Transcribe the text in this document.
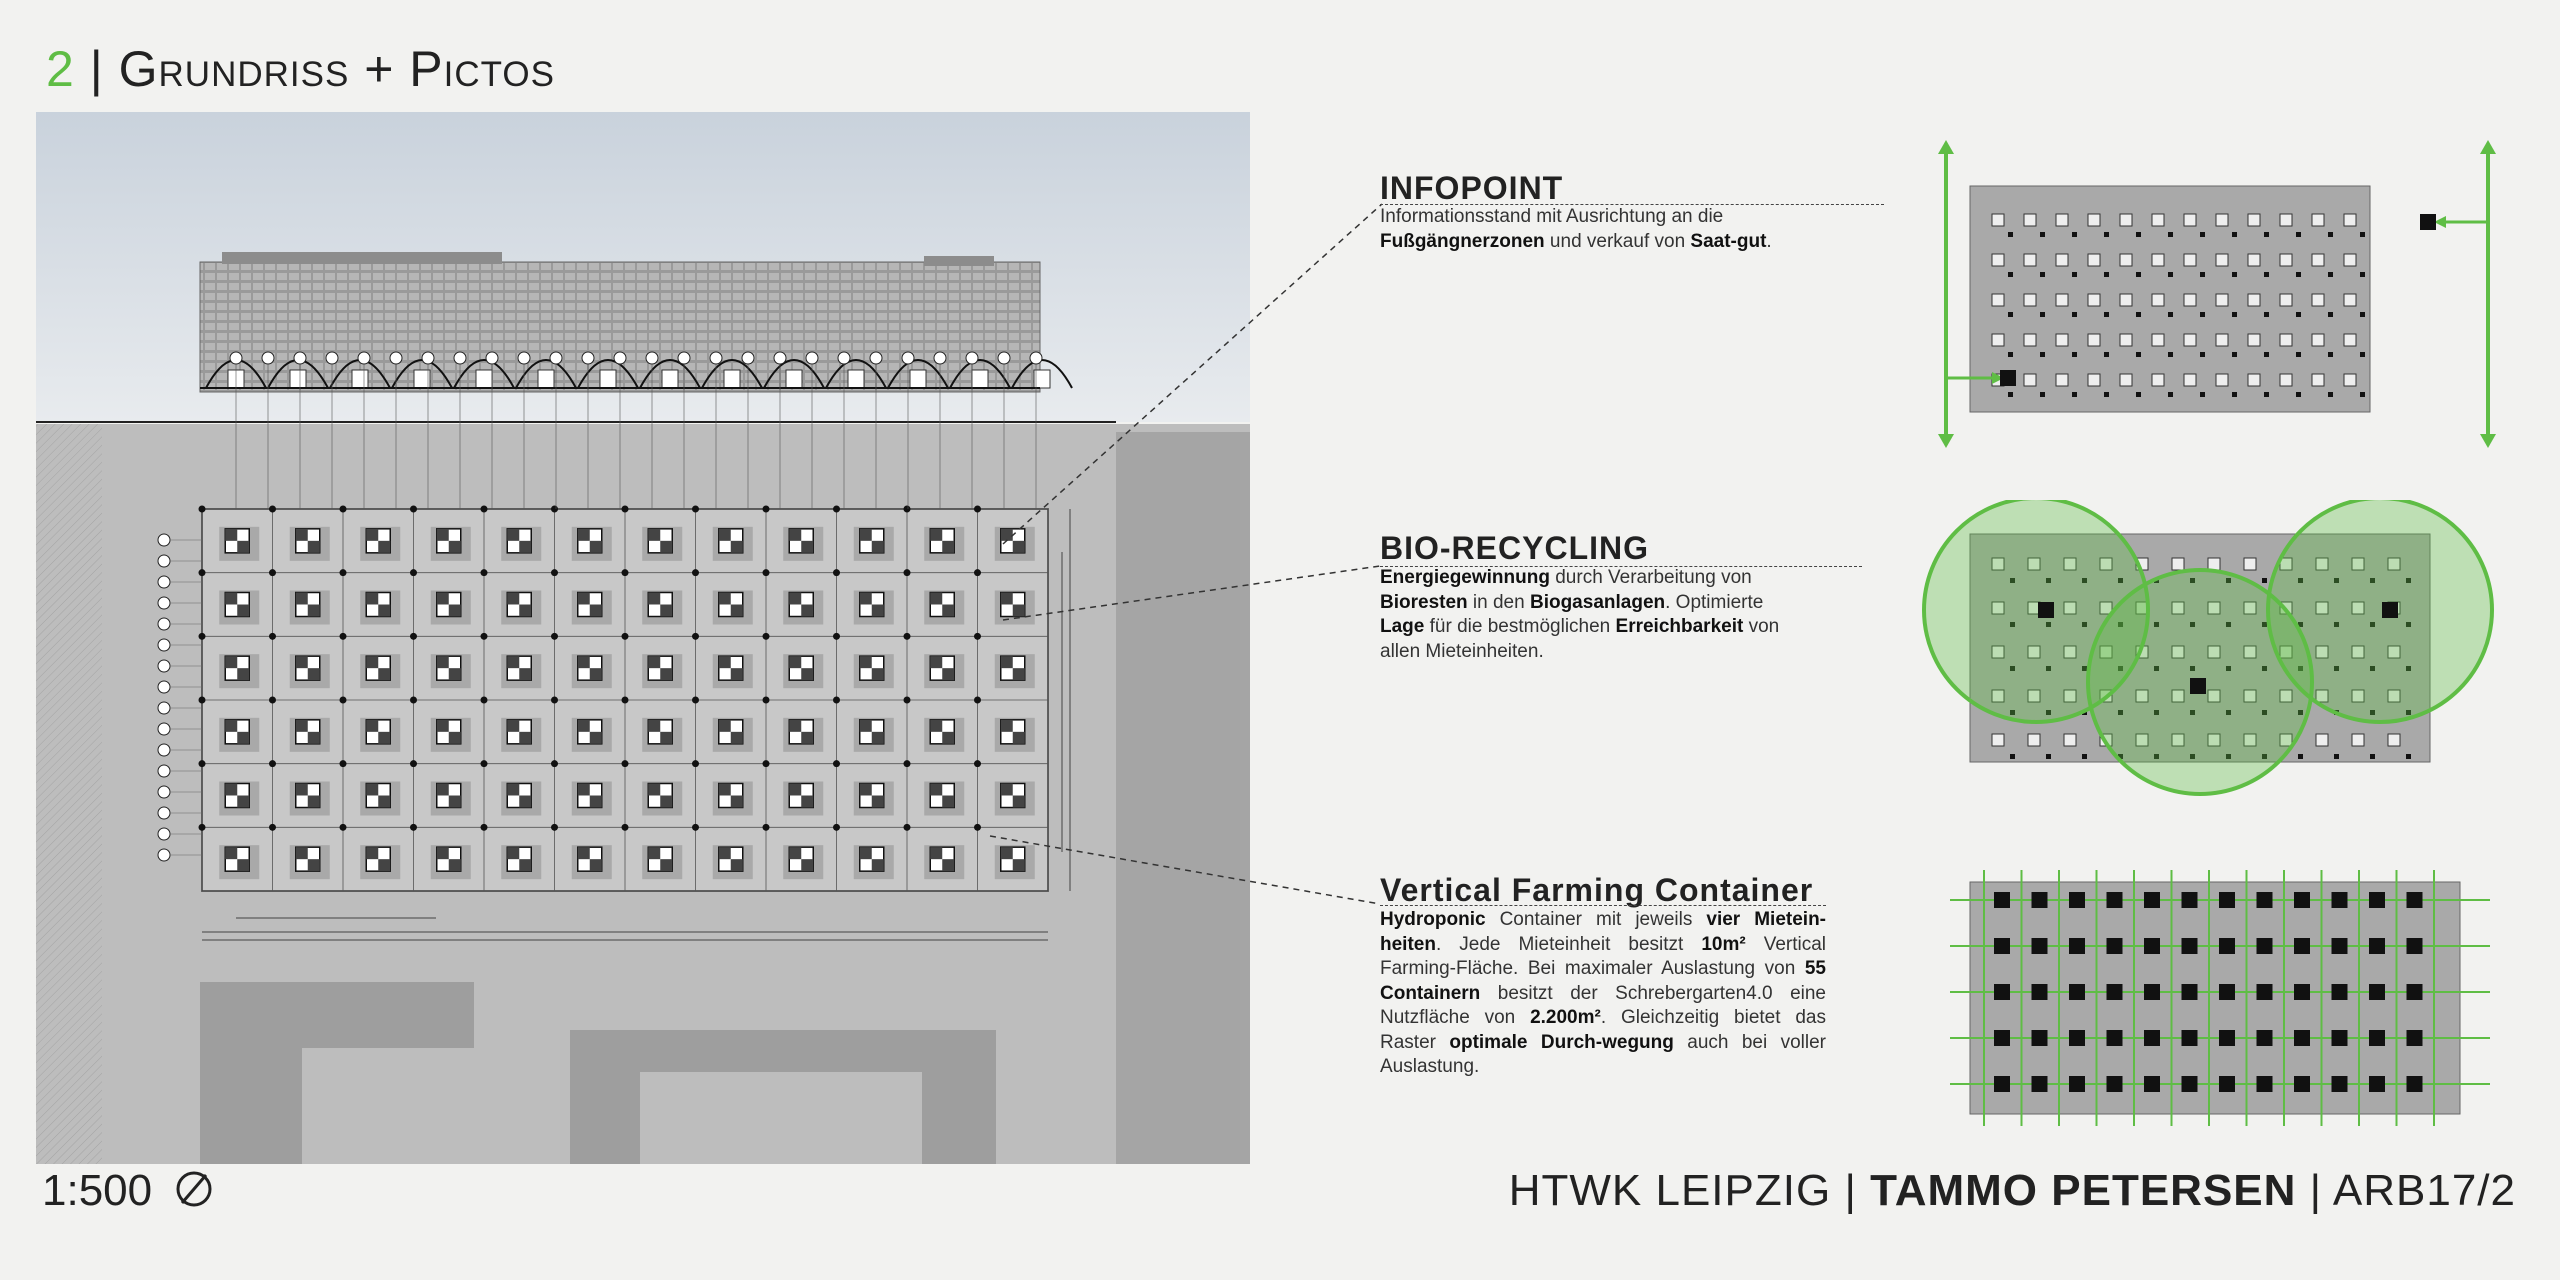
2 | Grundriss + Pictos
INFOPOINT
Informationsstand mit Ausrichtung an die Fußgängnerzonen und verkauf von Saat-gut.
BIO-RECYCLING
Energiegewinnung durch Verarbeitung von Bioresten in den Biogasanlagen. Optimierte Lage für die bestmöglichen Erreichbarkeit von allen Mieteinheiten.
Vertical Farming Container
Hydroponic Container mit jeweils vier Mietein-heiten. Jede Mieteinheit besitzt 10m² Vertical Farming-Fläche. Bei maximaler Auslastung von 55 Containern besitzt der Schrebergarten4.0 eine Nutzfläche von 2.200m². Gleichzeitig bietet das Raster optimale Durch-wegung auch bei voller Auslastung.
1:500	HTWK LEIPZIG | TAMMO PETERSEN | ARB17/2
